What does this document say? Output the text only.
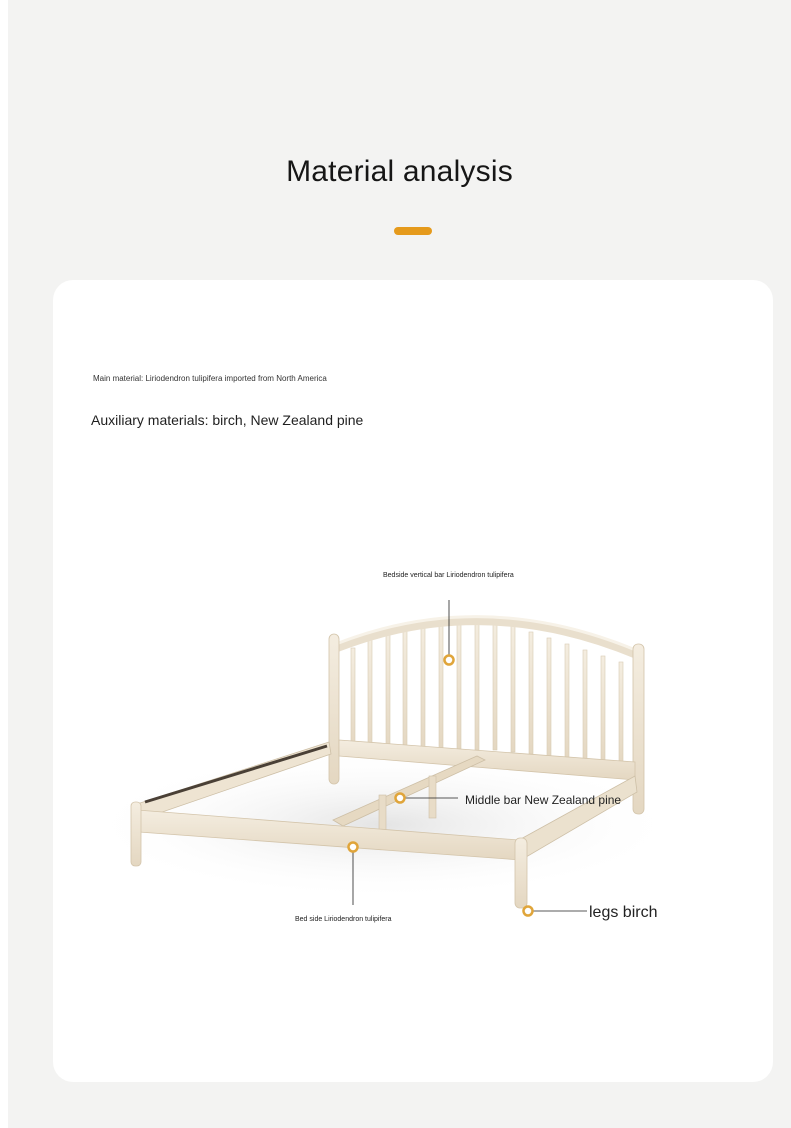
Material analysis
Main material: Liriodendron tulipifera imported from North America
Auxiliary materials: birch, New Zealand pine
Bedside vertical bar Liriodendron tulipifera
Middle bar New Zealand pine
Bed side Liriodendron tulipifera	legs birch
